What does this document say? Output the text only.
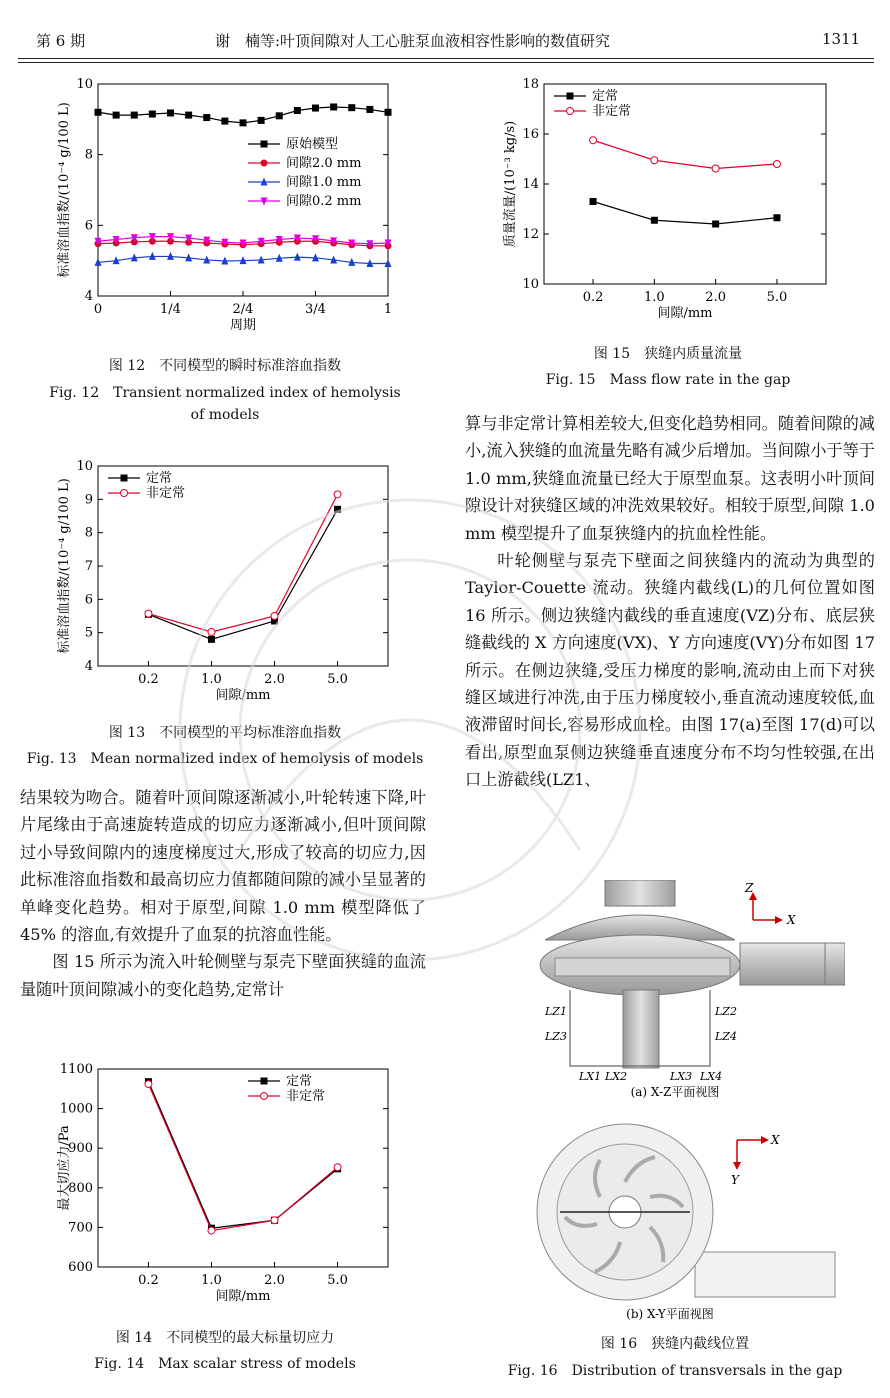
第 6 期	谢　楠等:叶顶间隙对人工心脏泵血液相容性影响的数值研究	1311
4
6
8
10
0	1/4	2/4	3/4	1
周期
标准溶血指数/(10⁻⁴ g/100 L)	原始模型
间隙2.0 mm
间隙1.0 mm
间隙0.2 mm
图 12　不同模型的瞬时标准溶血指数
Fig. 12　Transient normalized index of hemolysis
of models
4
5
6
7
8
9
10
0.2	1.0	2.0	5.0
间隙/mm
标准溶血指数/(10⁻⁴ g/100 L)	定常
非定常
图 13　不同模型的平均标准溶血指数
Fig. 13　Mean normalized index of hemolysis of models

结果较为吻合。随着叶顶间隙逐渐减小,叶轮转速下降,叶片尾缘由于高速旋转造成的切应力逐渐减小,但叶顶间隙过小导致间隙内的速度梯度过大,形成了较高的切应力,因此标准溶血指数和最高切应力值都随间隙的减小呈显著的单峰变化趋势。相对于原型,间隙 1.0 mm 模型降低了 45% 的溶血,有效提升了血泵的抗溶血性能。

图 15 所示为流入叶轮侧壁与泵壳下壁面狭缝的血流量随叶顶间隙减小的变化趋势,定常计

600
700
800
900
1000
1100
0.2	1.0	2.0	5.0
间隙/mm
最大切应力/Pa
定常
非定常
图 14　不同模型的最大标量切应力
Fig. 14　Max scalar stress of models
10
12
14
16
18
0.2	1.0	2.0	5.0
间隙/mm
质量流量/(10⁻³ kg/s)
定常
非定常
图 15　狭缝内质量流量
Fig. 15　Mass flow rate in the gap

算与非定常计算相差较大,但变化趋势相同。随着间隙的减小,流入狭缝的血流量先略有减少后增加。当间隙小于等于 1.0 mm,狭缝血流量已经大于原型血泵。这表明小叶顶间隙设计对狭缝区域的冲洗效果较好。相较于原型,间隙 1.0 mm 模型提升了血泵狭缝内的抗血栓性能。

叶轮侧壁与泵壳下壁面之间狭缝内的流动为典型的 Taylor-Couette 流动。狭缝内截线(L)的几何位置如图 16 所示。侧边狭缝内截线的垂直速度(VZ)分布、底层狭缝截线的 X 方向速度(VX)、Y 方向速度(VY)分布如图 17 所示。在侧边狭缝,受压力梯度的影响,流动由上而下对狭缝区域进行冲洗,由于压力梯度较小,垂直流动速度较低,血液滞留时间长,容易形成血栓。由图 17(a)至图 17(d)可以看出,原型血泵侧边狭缝垂直速度分布不均匀性较强,在出口上游截线(LZ1、

Z
X
LZ1	LZ2
LZ3	LZ4
LX1 LX2	LX3 LX4
(a) X-Z平面视图
X
Y
(b) X-Y平面视图
图 16　狭缝内截线位置
Fig. 16　Distribution of transversals in the gap
